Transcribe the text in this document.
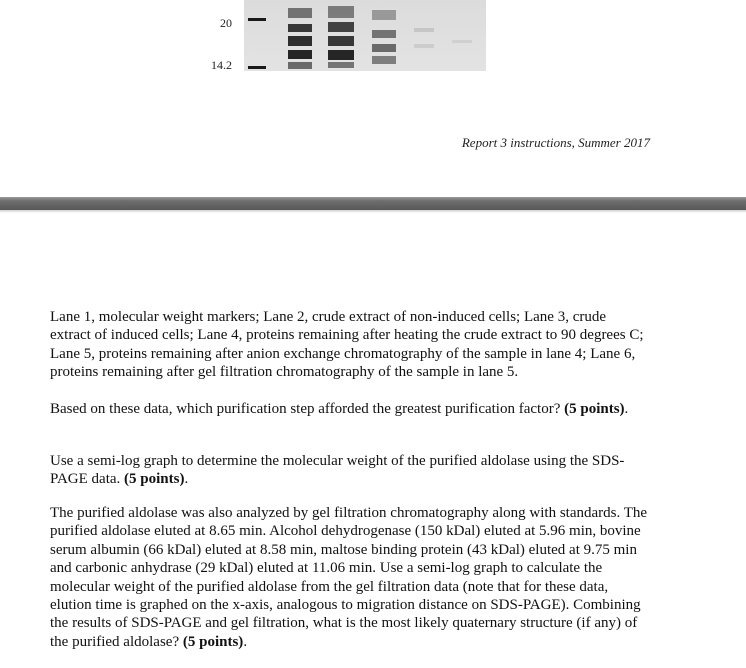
20
14.2
Report 3 instructions, Summer 2017

Lane 1, molecular weight markers; Lane 2, crude extract of non-induced cells; Lane 3, crude extract of induced cells; Lane 4, proteins remaining after heating the crude extract to 90 degrees C; Lane 5, proteins remaining after anion exchange chromatography of the sample in lane 4; Lane 6, proteins remaining after gel filtration chromatography of the sample in lane 5.

Based on these data, which purification step afforded the greatest purification factor? (5 points).

Use a semi-log graph to determine the molecular weight of the purified aldolase using the SDS-PAGE data. (5 points).

The purified aldolase was also analyzed by gel filtration chromatography along with standards. The purified aldolase eluted at 8.65 min. Alcohol dehydrogenase (150 kDal) eluted at 5.96 min, bovine serum albumin (66 kDal) eluted at 8.58 min, maltose binding protein (43 kDal) eluted at 9.75 min and carbonic anhydrase (29 kDal) eluted at 11.06 min. Use a semi-log graph to calculate the molecular weight of the purified aldolase from the gel filtration data (note that for these data, elution time is graphed on the x-axis, analogous to migration distance on SDS-PAGE). Combining the results of SDS-PAGE and gel filtration, what is the most likely quaternary structure (if any) of the purified aldolase? (5 points).
